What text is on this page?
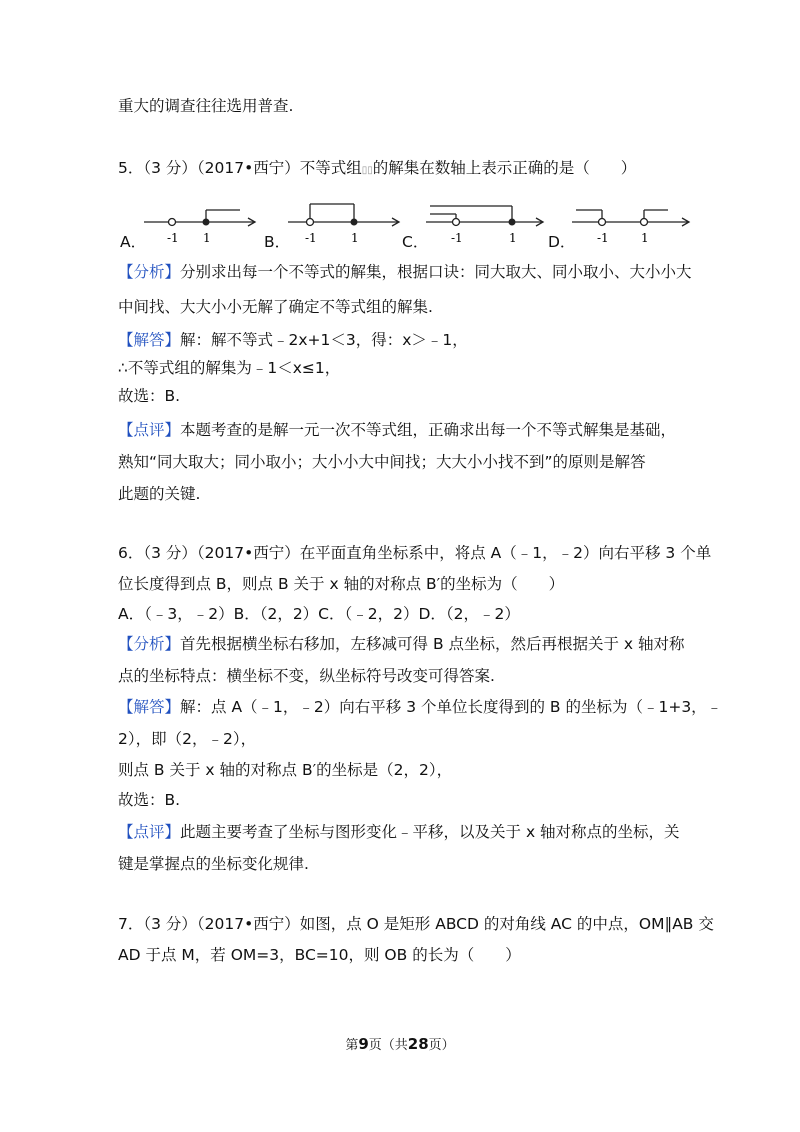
重大的调查往往选用普查.
5．（3 分）（2017•西宁）不等式组▯▯的解集在数轴上表示正确的是（　　）
A． -1 1	B． -1	1	C． -1	1 D． -1	1
【分析】分别求出每一个不等式的解集，根据口诀：同大取大、同小取小、大小小大
中间找、大大小小无解了确定不等式组的解集.
【解答】解：解不等式﹣2x+1＜3，得：x＞﹣1，
∴不等式组的解集为﹣1＜x≤1，
故选：B.
【点评】本题考查的是解一元一次不等式组，正确求出每一个不等式解集是基础，
熟知“同大取大；同小取小；大小小大中间找；大大小小找不到”的原则是解答
此题的关键.
6．（3 分）（2017•西宁）在平面直角坐标系中，将点 A（﹣1，﹣2）向右平移 3 个单
位长度得到点 B，则点 B 关于 x 轴的对称点 B′的坐标为（　　）
A．（﹣3，﹣2）B．（2，2）C．（﹣2，2）D．（2，﹣2）
【分析】首先根据横坐标右移加，左移减可得 B 点坐标，然后再根据关于 x 轴对称
点的坐标特点：横坐标不变，纵坐标符号改变可得答案.
【解答】解：点 A（﹣1，﹣2）向右平移 3 个单位长度得到的 B 的坐标为（﹣1+3，﹣
2），即（2，﹣2），
则点 B 关于 x 轴的对称点 B′的坐标是（2，2），
故选：B.
【点评】此题主要考查了坐标与图形变化﹣平移，以及关于 x 轴对称点的坐标，关
键是掌握点的坐标变化规律.
7．（3 分）（2017•西宁）如图，点 O 是矩形 ABCD 的对角线 AC 的中点，OM∥AB 交
AD 于点 M，若 OM=3，BC=10，则 OB 的长为（　　）
第9页（共28页）
